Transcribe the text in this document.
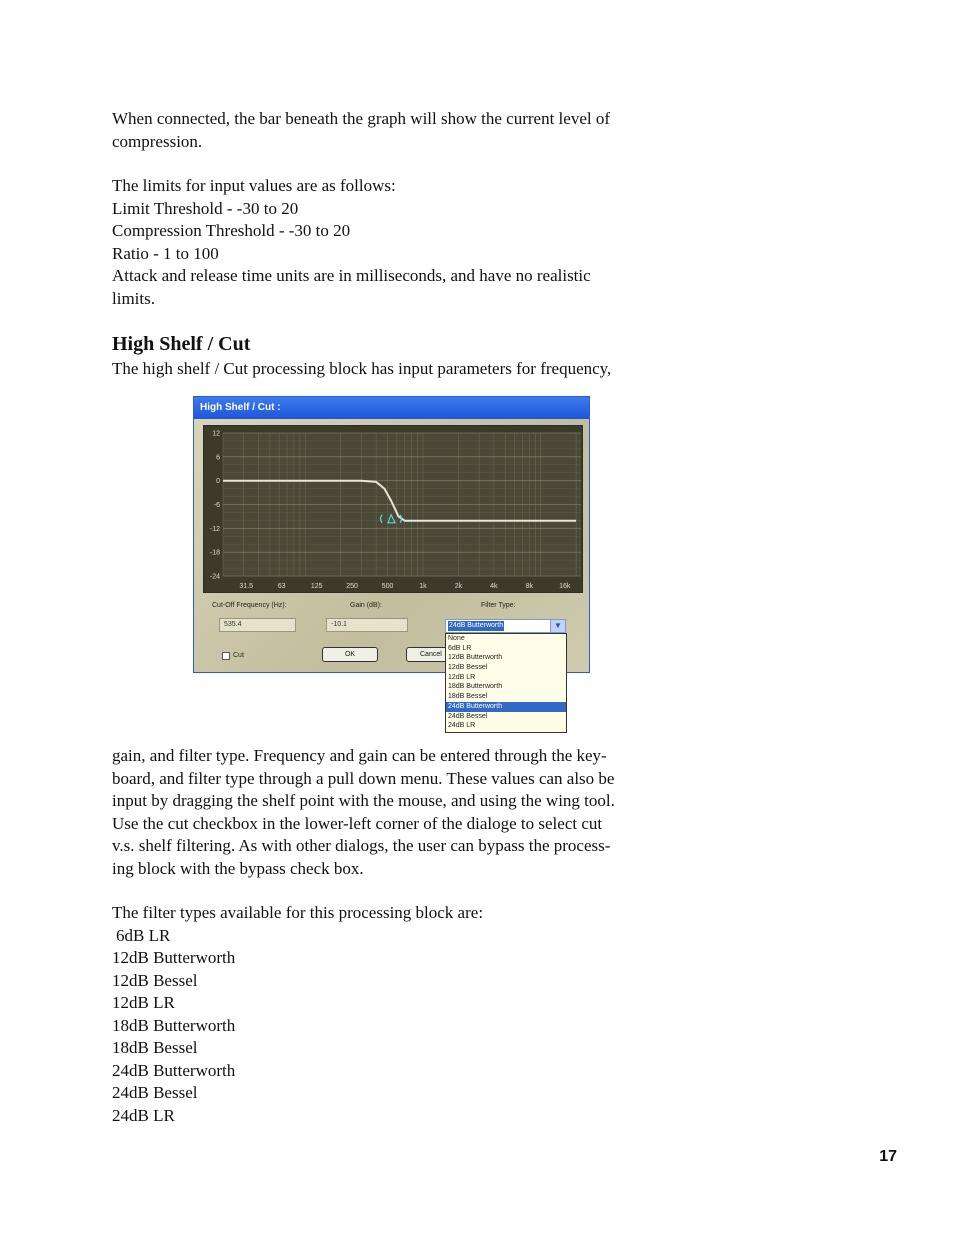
When connected, the bar beneath the graph will show the current level of

compression.

The limits for input values are as follows:

Limit Threshold - -30 to 20

Compression Threshold - -30 to 20

Ratio - 1 to 100

Attack and release time units are in milliseconds, and have no realistic

limits.

High Shelf / Cut

The high shelf / Cut processing block has input parameters for frequency,

High Shelf / Cut :
12
6
0
-6
-12
-18
-24
31.5	63	125	250	500	1k	2k	4k	8k	16k
Cut-Off Frequency (Hz):	Gain (dB):	Filter Type:
535.4	-10.1	24dB Butterworth	▼
None
6dB LR
12dB Butterworth
12dB Bessel
12dB LR
18dB Butterworth
18dB Bessel
24dB Butterworth
24dB Bessel
24dB LR
Cut	OK	Cancel

gain, and filter type. Frequency and gain can be entered through the key-

board, and filter type through a pull down menu. These values can also be

input by dragging the shelf point with the mouse, and using the wing tool.

Use the cut checkbox in the lower-left corner of the dialoge to select cut

v.s. shelf filtering. As with other dialogs, the user can bypass the process-

ing block with the bypass check box.

The filter types available for this processing block are:

6dB LR

12dB Butterworth

12dB Bessel

12dB LR

18dB Butterworth

18dB Bessel

24dB Butterworth

24dB Bessel

24dB LR

17
